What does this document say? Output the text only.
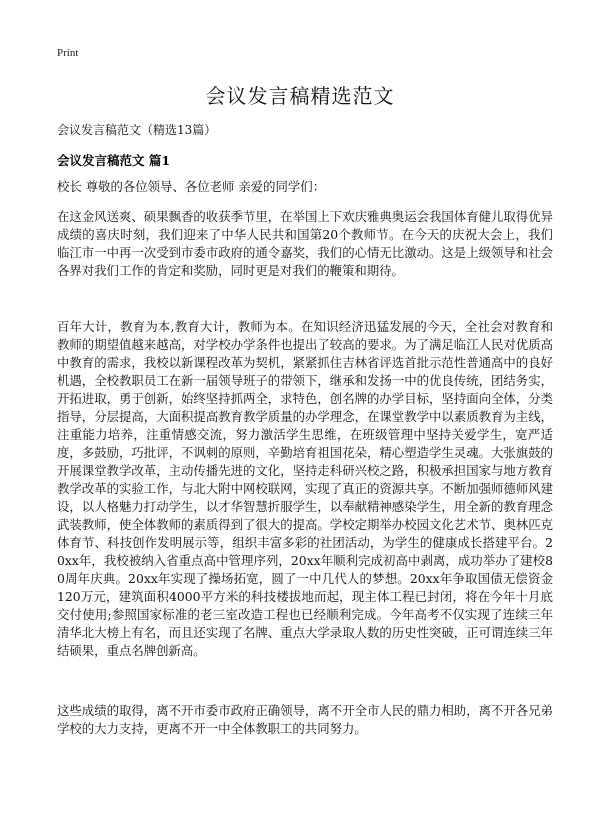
Print
会议发言稿精选范文
会议发言稿范文（精选13篇）
会议发言稿范文 篇1
校长 尊敬的各位领导、各位老师 亲爱的同学们：

在这金风送爽、硕果飘香的收获季节里，在举国上下欢庆雅典奥运会我国体育健儿取得优异成绩的喜庆时刻，我们迎来了中华人民共和国第20个教师节。在今天的庆祝大会上，我们临江市一中再一次受到市委市政府的通令嘉奖，我们的心情无比激动。这是上级领导和社会各界对我们工作的肯定和奖励，同时更是对我们的鞭策和期待。

百年大计，教育为本,教育大计，教师为本。在知识经济迅猛发展的今天，全社会对教育和教师的期望值越来越高，对学校办学条件也提出了较高的要求。为了满足临江人民对优质高中教育的需求，我校以新课程改革为契机，紧紧抓住吉林省评选首批示范性普通高中的良好机遇，全校教职员工在新一届领导班子的带领下，继承和发扬一中的优良传统，团结务实，开拓进取，勇于创新，始终坚持抓两全，求特色，创名牌的办学目标，坚持面向全体，分类指导，分层提高，大面积提高教育教学质量的办学理念，在课堂教学中以素质教育为主线，注重能力培养，注重情感交流，努力激活学生思维，在班级管理中坚持关爱学生，宽严适度，多鼓励，巧批评，不讽刺的原则，辛勤培育祖国花朵，精心塑造学生灵魂。大张旗鼓的开展课堂教学改革，主动传播先进的文化，坚持走科研兴校之路，积极承担国家与地方教育教学改革的实验工作，与北大附中网校联网，实现了真正的资源共享。不断加强师德师风建设，以人格魅力打动学生，以才华智慧折服学生，以奉献精神感染学生，用全新的教育理念武装教师，使全体教师的素质得到了很大的提高。学校定期举办校园文化艺术节、奥林匹克体育节、科技创作发明展示等，组织丰富多彩的社团活动，为学生的健康成长搭建平台。20xx年，我校被纳入省重点高中管理序列，20xx年顺利完成初高中剥离，成功举办了建校80周年庆典。20xx年实现了操场拓宽，圆了一中几代人的梦想。20xx年争取国债无偿资金120万元，建筑面积4000平方米的科技楼拔地而起，现主体工程已封闭，将在今年十月底交付使用;参照国家标准的老三室改造工程也已经顺利完成。今年高考不仅实现了连续三年清华北大榜上有名，而且还实现了名牌、重点大学录取人数的历史性突破，正可谓连续三年结硕果，重点名牌创新高。

这些成绩的取得，离不开市委市政府正确领导，离不开全市人民的鼎力相助，离不开各兄弟学校的大力支持，更离不开一中全体教职工的共同努力。
